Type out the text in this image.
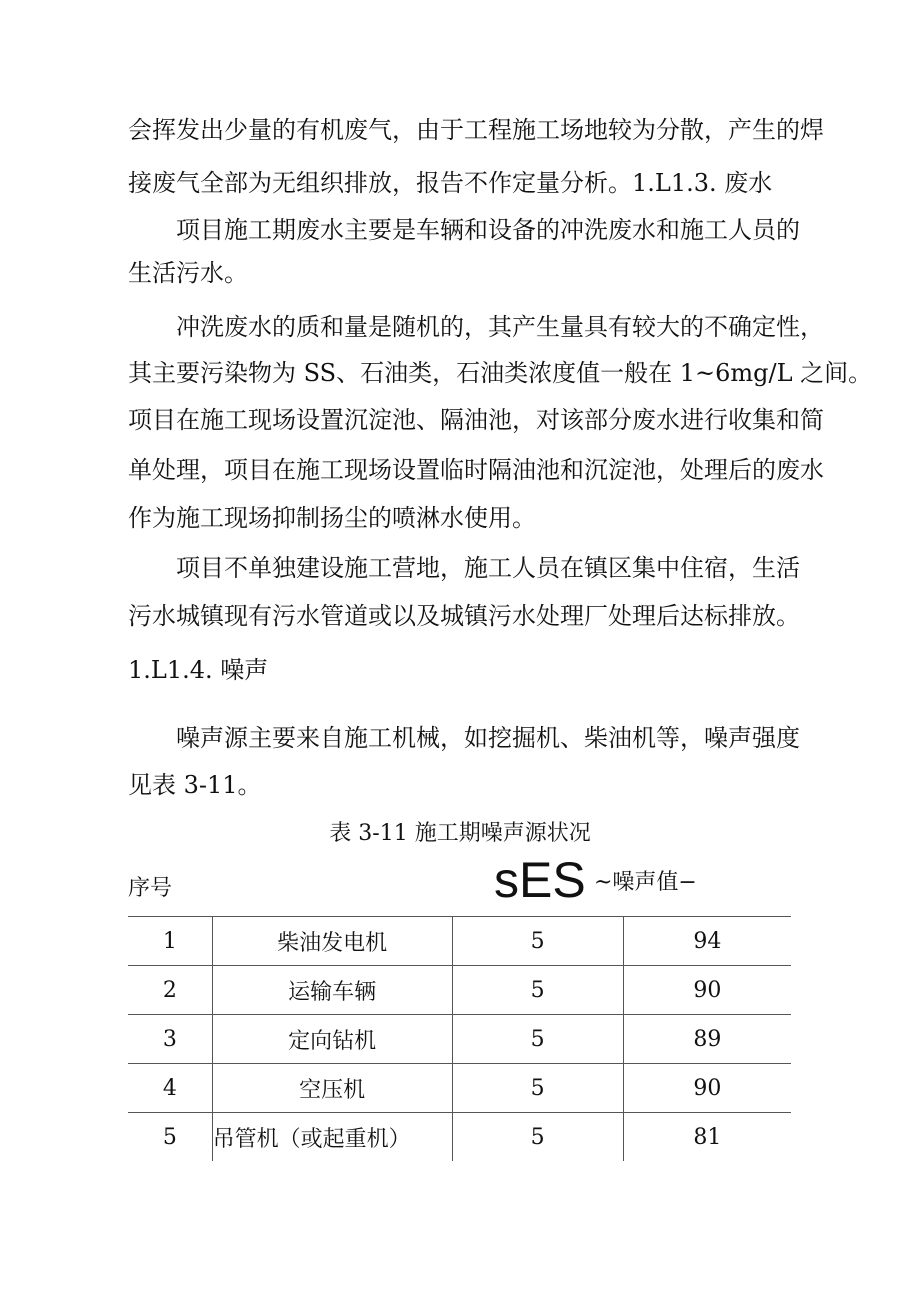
会挥发出少量的有机废气，由于工程施工场地较为分散，产生的焊
接废气全部为无组织排放，报告不作定量分析。1.L1.3. 废水
项目施工期废水主要是车辆和设备的冲洗废水和施工人员的
生活污水。
冲洗废水的质和量是随机的，其产生量具有较大的不确定性，
其主要污染物为 SS、石油类，石油类浓度值一般在 1~6mg/L 之间。
项目在施工现场设置沉淀池、隔油池，对该部分废水进行收集和简
单处理，项目在施工现场设置临时隔油池和沉淀池，处理后的废水
作为施工现场抑制扬尘的喷淋水使用。
项目不单独建设施工营地，施工人员在镇区集中住宿，生活
污水城镇现有污水管道或以及城镇污水处理厂处理后达标排放。
1.L1.4. 噪声
噪声源主要来自施工机械，如挖掘机、柴油机等，噪声强度
见表 3-11。
表 3-11 施工期噪声源状况
序号	sES ~噪声值−
1	柴油发电机	5	94
2	运输车辆	5	90
3	定向钻机	5	89
4	空压机	5	90
5	吊管机（或起重机）	5	81
